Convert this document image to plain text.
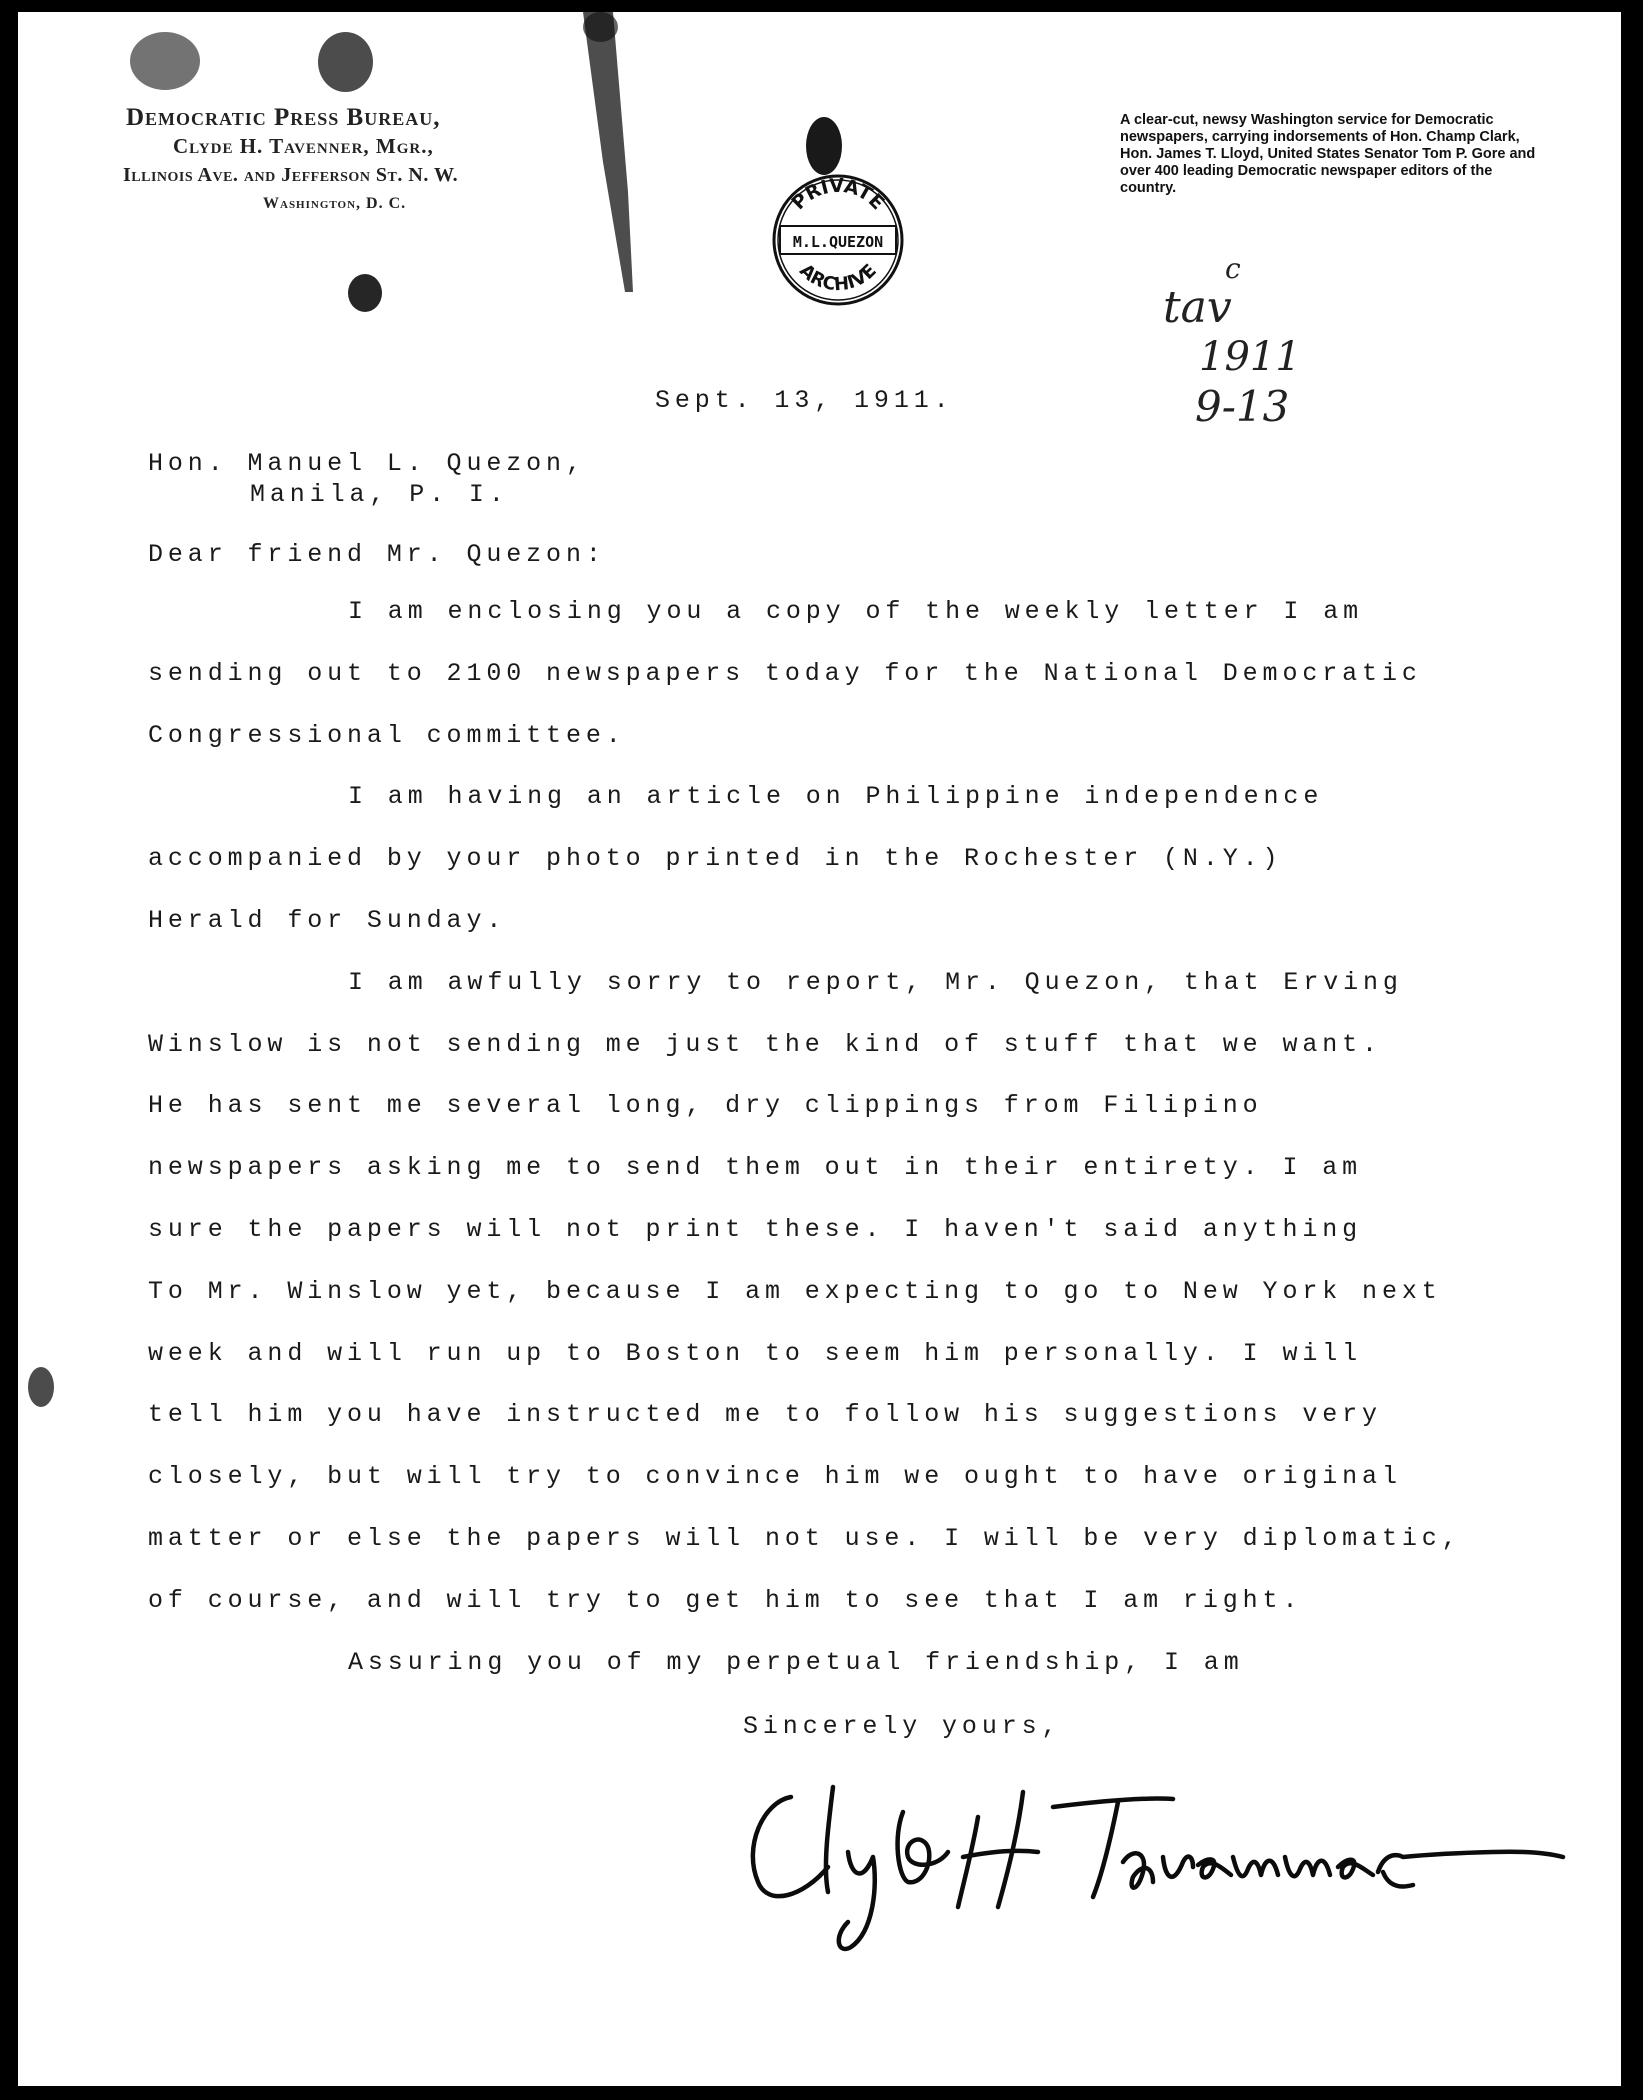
Democratic Press Bureau,
Clyde H. Tavenner, Mgr.,
Illinois Ave. and Jefferson St. N. W.
Washington, D. C.
A clear-cut, newsy Washington service for Democratic newspapers, carrying indorsements of Hon. Champ Clark, Hon. James T. Lloyd, United States Senator Tom P. Gore and over 400 leading Democratic newspaper editors of the country.
PRIVATE
M.L.QUEZON
ARCHIVE	c
tav
1911
9-13
Sept. 13, 1911.
Hon. Manuel L. Quezon,
Manila, P. I.
Dear friend Mr. Quezon:
I am enclosing you a copy of the weekly letter I am
sending out to 2100 newspapers today for the National Democratic
Congressional committee.
I am having an article on Philippine independence
accompanied by your photo printed in the Rochester (N.Y.)
Herald for Sunday.
I am awfully sorry to report, Mr. Quezon, that Erving
Winslow is not sending me just the kind of stuff that we want.
He has sent me several long, dry clippings from Filipino
newspapers asking me to send them out in their entirety. I am
sure the papers will not print these. I haven't said anything
To Mr. Winslow yet, because I am expecting to go to New York next
week and will run up to Boston to seem him personally. I will
tell him you have instructed me to follow his suggestions very
closely, but will try to convince him we ought to have original
matter or else the papers will not use. I will be very diplomatic,
of course, and will try to get him to see that I am right.
Assuring you of my perpetual friendship, I am
Sincerely yours,
